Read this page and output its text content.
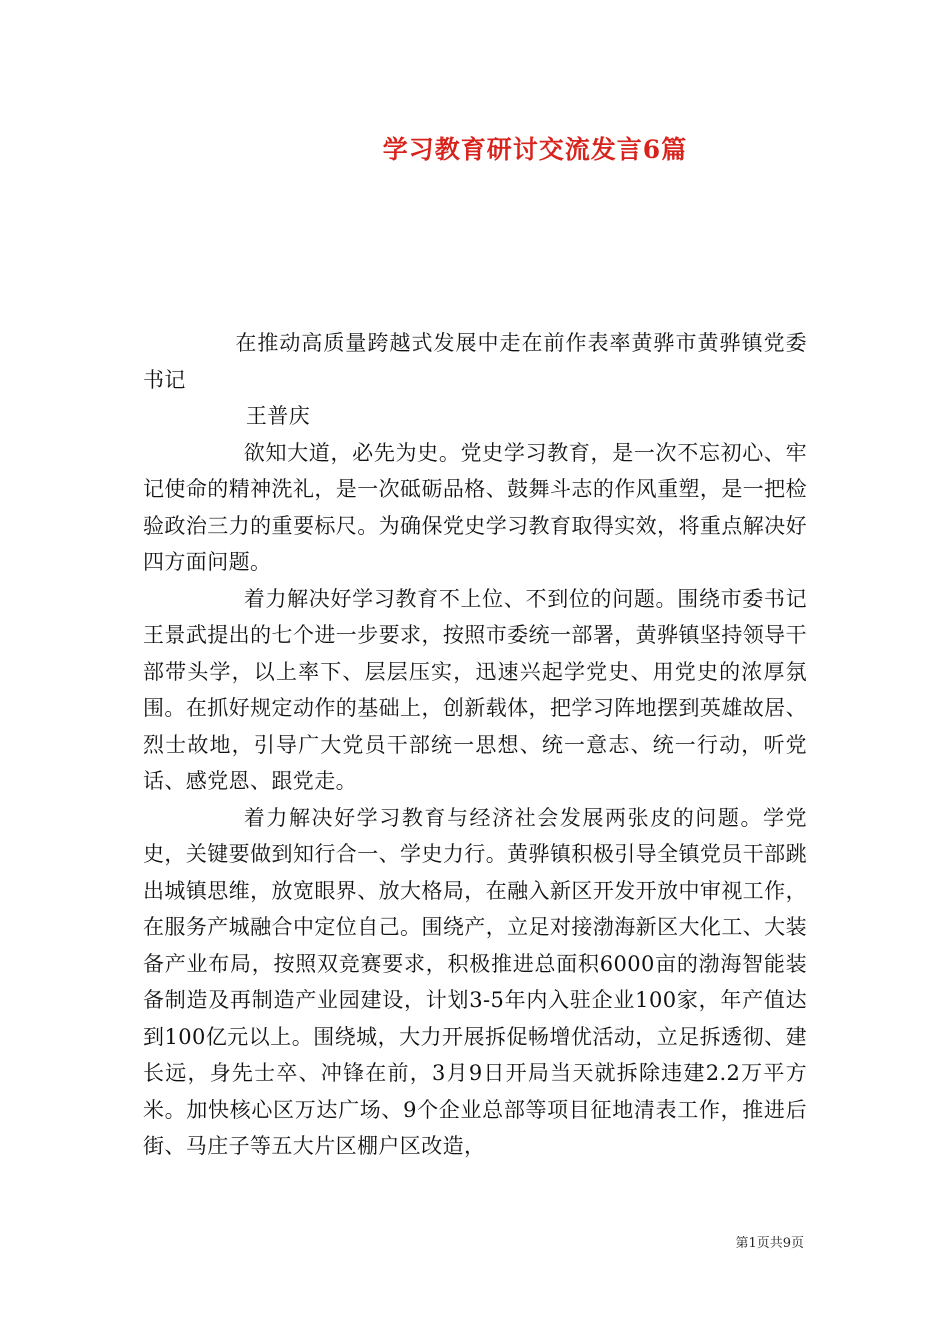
学习教育研讨交流发言6篇

在推动高质量跨越式发展中走在前作表率黄骅市黄骅镇党委书记

王普庆

欲知大道，必先为史。党史学习教育，是一次不忘初心、牢记使命的精神洗礼，是一次砥砺品格、鼓舞斗志的作风重塑，是一把检验政治三力的重要标尺。为确保党史学习教育取得实效，将重点解决好四方面问题。

着力解决好学习教育不上位、不到位的问题。围绕市委书记王景武提出的七个进一步要求，按照市委统一部署，黄骅镇坚持领导干部带头学，以上率下、层层压实，迅速兴起学党史、用党史的浓厚氛围。在抓好规定动作的基础上，创新载体，把学习阵地摆到英雄故居、烈士故地，引导广大党员干部统一思想、统一意志、统一行动，听党话、感党恩、跟党走。

着力解决好学习教育与经济社会发展两张皮的问题。学党史，关键要做到知行合一、学史力行。黄骅镇积极引导全镇党员干部跳出城镇思维，放宽眼界、放大格局，在融入新区开发开放中审视工作，在服务产城融合中定位自己。围绕产，立足对接渤海新区大化工、大装备产业布局，按照双竞赛要求，积极推进总面积6000亩的渤海智能装备制造及再制造产业园建设，计划3-5年内入驻企业100家，年产值达到100亿元以上。围绕城，大力开展拆促畅增优活动，立足拆透彻、建长远，身先士卒、冲锋在前，3月9日开局当天就拆除违建2.2万平方米。加快核心区万达广场、9个企业总部等项目征地清表工作，推进后街、马庄子等五大片区棚户区改造，

第1页共9页
